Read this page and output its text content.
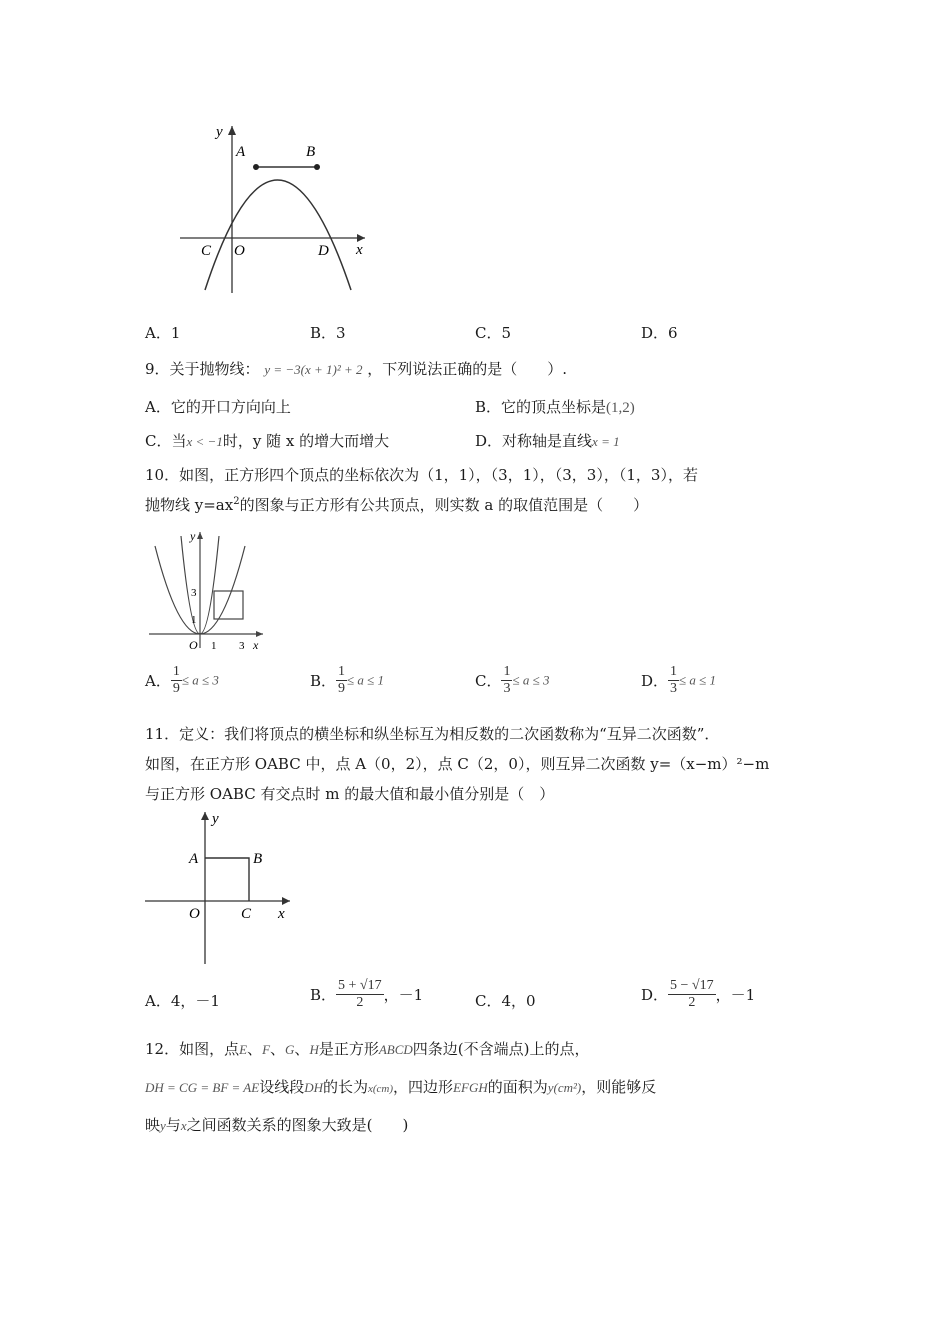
y
x
A	B
C O	D
A．1	B．3	C．5	D．6
9．关于抛物线： y = −3(x + 1)² + 2 ，下列说法正确的是（　　）.
A．它的开口方向向上	B．它的顶点坐标是(1,2)
C．当x < −1时，y 随 x 的增大而增大	D．对称轴是直线x = 1
10．如图，正方形四个顶点的坐标依次为（1，1），（3，1），（3，3），（1，3），若
抛物线 $y=ax^2$的图象与正方形有公共顶点，则实数 a 的取值范围是（　　）
y
x
O 1 3
1
3
A． $\frac{1}{9} \le a \le 3$	B． $\frac{1}{9} \le a \le 1$	C． $\frac{1}{3} \le a \le 3$	D． $\frac{1}{3} \le a \le 1$
11．定义：我们将顶点的横坐标和纵坐标互为相反数的二次函数称为“互异二次函数”．
如图，在正方形 OABC 中，点 A（0，2），点 C（2，0），则互异二次函数 y=（x−m）²−m
与正方形 OABC 有交点时 m 的最大值和最小值分别是（　）
y
x
A	B
O	C
A．4，－1	B． $\frac{5 + √17}{2}$ ，－1	C．4，0	D． $\frac{5 - √17}{2}$ ，－1
12．如图，点E、F、G、H是正方形ABCD四条边(不含端点)上的点，
DH = CG = BF = AE设线段DH的长为x(cm)，四边形EFGH的面积为y(cm²)，则能够反
映y与x之间函数关系的图象大致是(　　)
